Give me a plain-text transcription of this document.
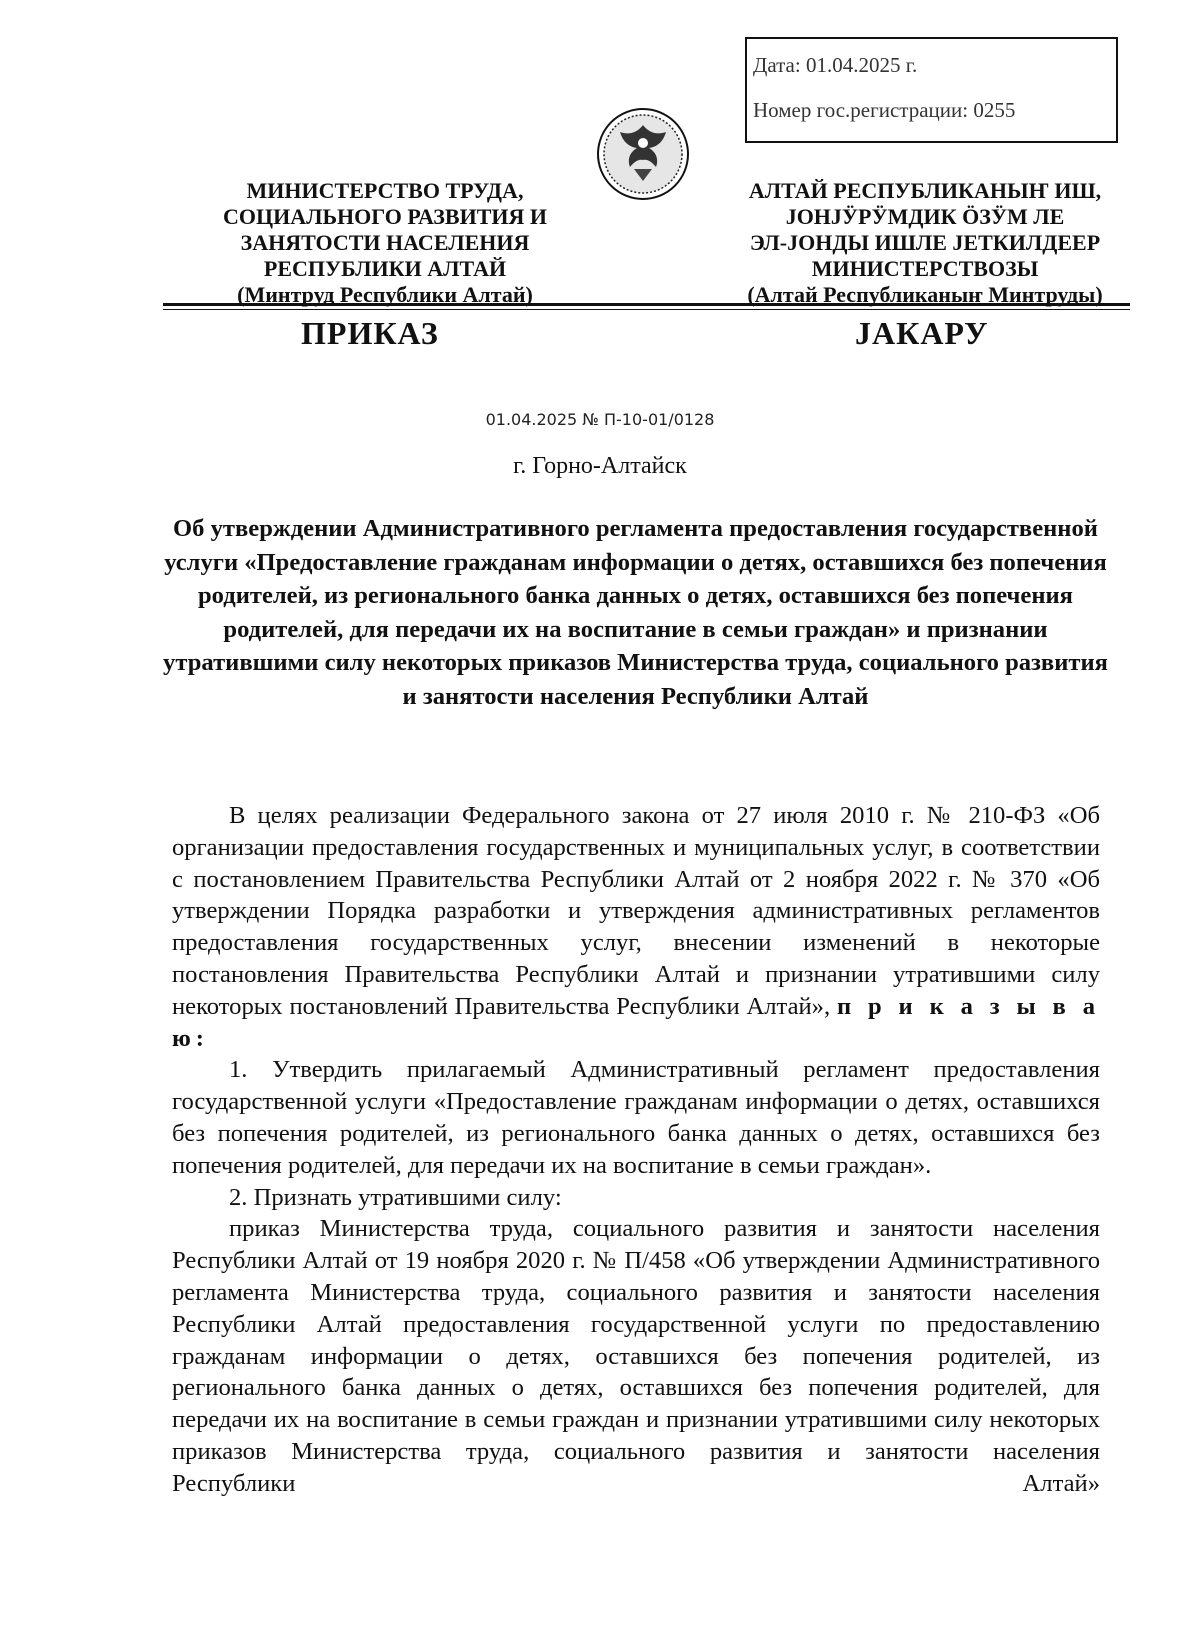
Дата: 01.04.2025 г.
Номер гос.регистрации: 0255
МИНИСТЕРСТВО ТРУДА,
СОЦИАЛЬНОГО РАЗВИТИЯ И
ЗАНЯТОСТИ НАСЕЛЕНИЯ
РЕСПУБЛИКИ АЛТАЙ
(Минтруд Республики Алтай)
АЛТАЙ РЕСПУБЛИКАНЫҤ ИШ,
JОНJӰРӰМДИК ӦЗӰМ ЛЕ
ЭЛ-JОНДЫ ИШЛЕ JЕТКИЛДЕЕР
МИНИСТЕРСТВОЗЫ
(Алтай Республиканыҥ Минтруды)
ПРИКАЗ	JАКАРУ
01.04.2025 № П-10-01/0128
г. Горно-Алтайск
Об утверждении Административного регламента предоставления государственной услуги «Предоставление гражданам информации о детях, оставшихся без попечения родителей, из регионального банка данных о детях, оставшихся без попечения родителей, для передачи их на воспитание в семьи граждан» и признании утратившими силу некоторых приказов Министерства труда, социального развития и занятости населения Республики Алтай

В целях реализации Федерального закона от 27 июля 2010 г. № 210-ФЗ «Об организации предоставления государственных и муниципальных услуг, в соответствии с постановлением Правительства Республики Алтай от 2 ноября 2022 г. № 370 «Об утверждении Порядка разработки и утверждения административных регламентов предоставления государственных услуг, внесении изменений в некоторые постановления Правительства Республики Алтай и признании утратившими силу некоторых постановлений Правительства Республики Алтай», п р и к а з ы в а ю:

1. Утвердить прилагаемый Административный регламент предоставления государственной услуги «Предоставление гражданам информации о детях, оставшихся без попечения родителей, из регионального банка данных о детях, оставшихся без попечения родителей, для передачи их на воспитание в семьи граждан».

2. Признать утратившими силу:

приказ Министерства труда, социального развития и занятости населения Республики Алтай от 19 ноября 2020 г. № П/458 «Об утверждении Административного регламента Министерства труда, социального развития и занятости населения Республики Алтай предоставления государственной услуги по предоставлению гражданам информации о детях, оставшихся без попечения родителей, из регионального банка данных о детях, оставшихся без попечения родителей, для передачи их на воспитание в семьи граждан и признании утратившими силу некоторых приказов Министерства труда, социального развития и занятости населения Республики Алтай»
